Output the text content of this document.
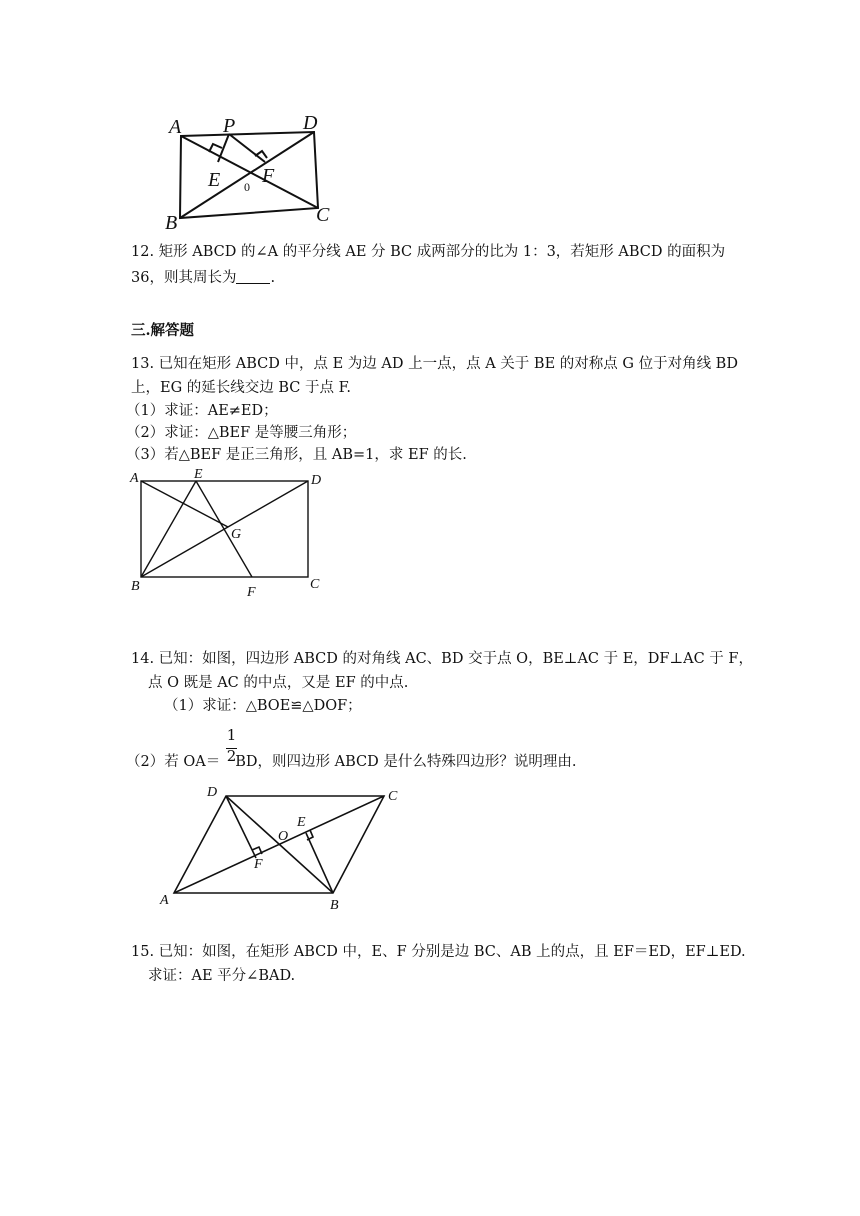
A P	D
E F
0
B	C
12. 矩形 ABCD 的∠A 的平分线 AE 分 BC 成两部分的比为 1：3，若矩形 ABCD 的面积为
36，则其周长为 .
三.解答题
13. 已知在矩形 ABCD 中，点 E 为边 AD 上一点，点 A 关于 BE 的对称点 G 位于对角线 BD
上，EG 的延长线交边 BC 于点 F.
（1）求证：AE≠ED；
（2）求证：△BEF 是等腰三角形；
（3）若△BEF 是正三角形，且 AB=1，求 EF 的长.
A	E	D
G
B	F
C
14. 已知：如图，四边形 ABCD 的对角线 AC、BD 交于点 O，BE⊥AC 于 E，DF⊥AC 于 F，
点 O 既是 AC 的中点，又是 EF 的中点.
（1）求证：△BOE≌△DOF；
1
2
（2）若 OA＝ BD，则四边形 ABCD 是什么特殊四边形？说明理由.
D	C
E
O
F
A	B
15. 已知：如图，在矩形 ABCD 中，E、F 分别是边 BC、AB 上的点，且 EF＝ED，EF⊥ED.
求证：AE 平分∠BAD.
